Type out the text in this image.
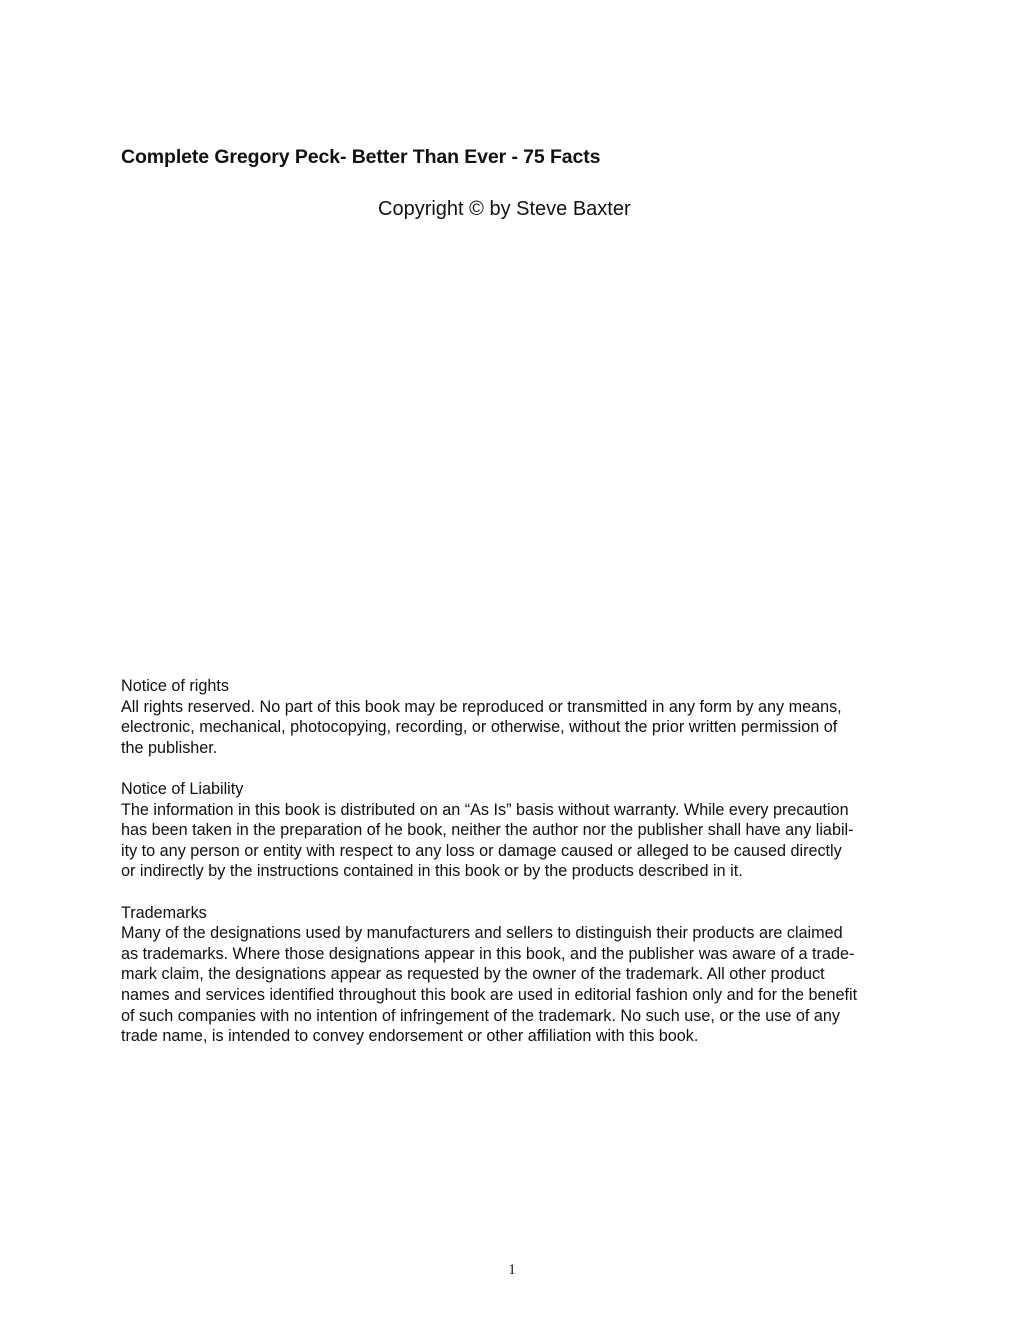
Complete Gregory Peck- Better Than Ever - 75 Facts
Copyright © by Steve Baxter
Notice of rights
All rights reserved. No part of this book may be reproduced or transmitted in any form by any means,
electronic, mechanical, photocopying, recording, or otherwise, without the prior written permission of
the publisher.
Notice of Liability
The information in this book is distributed on an “As Is” basis without warranty. While every precaution
has been taken in the preparation of he book, neither the author nor the publisher shall have any liabil-
ity to any person or entity with respect to any loss or damage caused or alleged to be caused directly
or indirectly by the instructions contained in this book or by the products described in it.
Trademarks
Many of the designations used by manufacturers and sellers to distinguish their products are claimed
as trademarks. Where those designations appear in this book, and the publisher was aware of a trade-
mark claim, the designations appear as requested by the owner of the trademark. All other product
names and services identified throughout this book are used in editorial fashion only and for the benefit
of such companies with no intention of infringement of the trademark. No such use, or the use of any
trade name, is intended to convey endorsement or other affiliation with this book.
1
